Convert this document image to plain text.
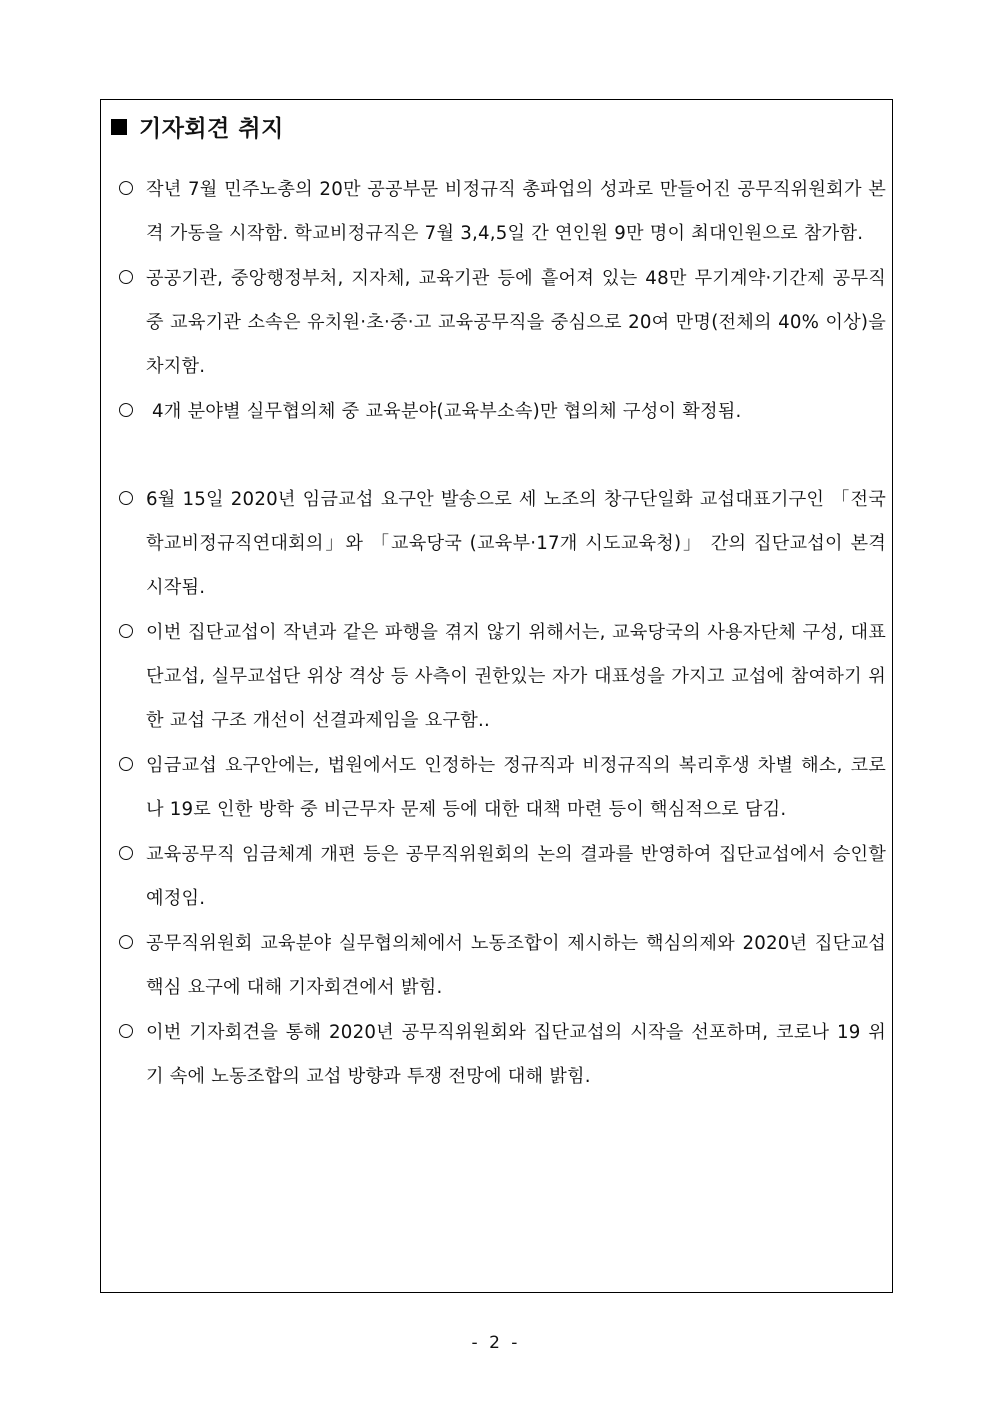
기자회견 취지
작년 7월 민주노총의 20만 공공부문 비정규직 총파업의 성과로 만들어진 공무직위원회가 본격 가동을 시작함. 학교비정규직은 7월 3,4,5일 간 연인원 9만 명이 최대인원으로 참가함.
공공기관, 중앙행정부처, 지자체, 교육기관 등에 흩어져 있는 48만 무기계약·기간제 공무직 중 교육기관 소속은 유치원·초·중·고 교육공무직을 중심으로 20여 만명(전체의 40% 이상)을 차지함.
4개 분야별 실무협의체 중 교육분야(교육부소속)만 협의체 구성이 확정됨.
6월 15일 2020년 임금교섭 요구안 발송으로 세 노조의 창구단일화 교섭대표기구인 「전국학교비정규직연대회의」와 「교육당국 (교육부·17개 시도교육청)」 간의 집단교섭이 본격 시작됨.
이번 집단교섭이 작년과 같은 파행을 겪지 않기 위해서는, 교육당국의 사용자단체 구성, 대표단교섭, 실무교섭단 위상 격상 등 사측이 권한있는 자가 대표성을 가지고 교섭에 참여하기 위한 교섭 구조 개선이 선결과제임을 요구함..
임금교섭 요구안에는, 법원에서도 인정하는 정규직과 비정규직의 복리후생 차별 해소, 코로나 19로 인한 방학 중 비근무자 문제 등에 대한 대책 마련 등이 핵심적으로 담김.
교육공무직 임금체계 개편 등은 공무직위원회의 논의 결과를 반영하여 집단교섭에서 승인할 예정임.
공무직위원회 교육분야 실무협의체에서 노동조합이 제시하는 핵심의제와 2020년 집단교섭 핵심 요구에 대해 기자회견에서 밝힘.
이번 기자회견을 통해 2020년 공무직위원회와 집단교섭의 시작을 선포하며, 코로나 19 위기 속에 노동조합의 교섭 방향과 투쟁 전망에 대해 밝힘.
- 2 -
